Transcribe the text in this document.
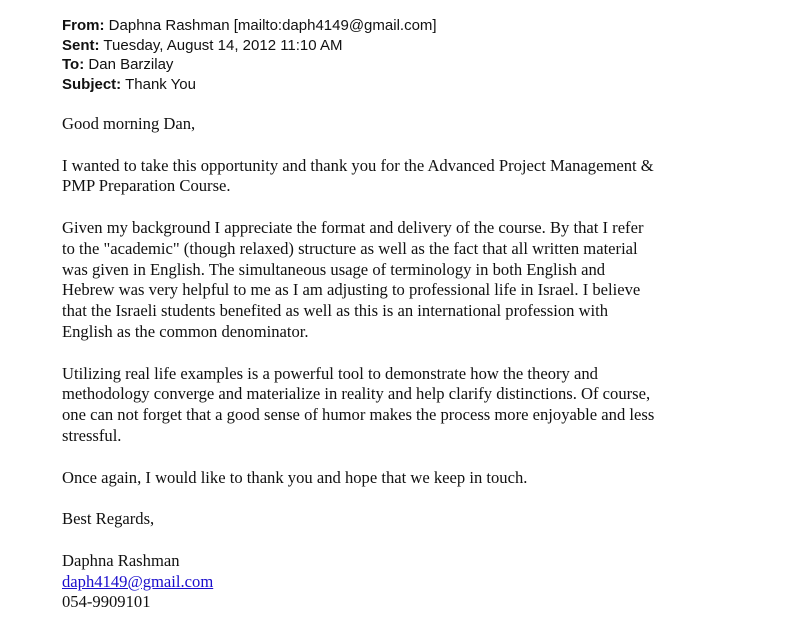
From: Daphna Rashman [mailto:daph4149@gmail.com]
Sent: Tuesday, August 14, 2012 11:10 AM
To: Dan Barzilay
Subject: Thank You

Good morning Dan,

I wanted to take this opportunity and thank you for the Advanced Project Management &
PMP Preparation Course.

Given my background I appreciate the format and delivery of the course. By that I refer
to the "academic" (though relaxed) structure as well as the fact that all written material
was given in English. The simultaneous usage of terminology in both English and
Hebrew was very helpful to me as I am adjusting to professional life in Israel. I believe
that the Israeli students benefited as well as this is an international profession with
English as the common denominator.

Utilizing real life examples is a powerful tool to demonstrate how the theory and
methodology converge and materialize in reality and help clarify distinctions. Of course,
one can not forget that a good sense of humor makes the process more enjoyable and less
stressful.

Once again, I would like to thank you and hope that we keep in touch.

Best Regards,

Daphna Rashman
daph4149@gmail.com
054-9909101
